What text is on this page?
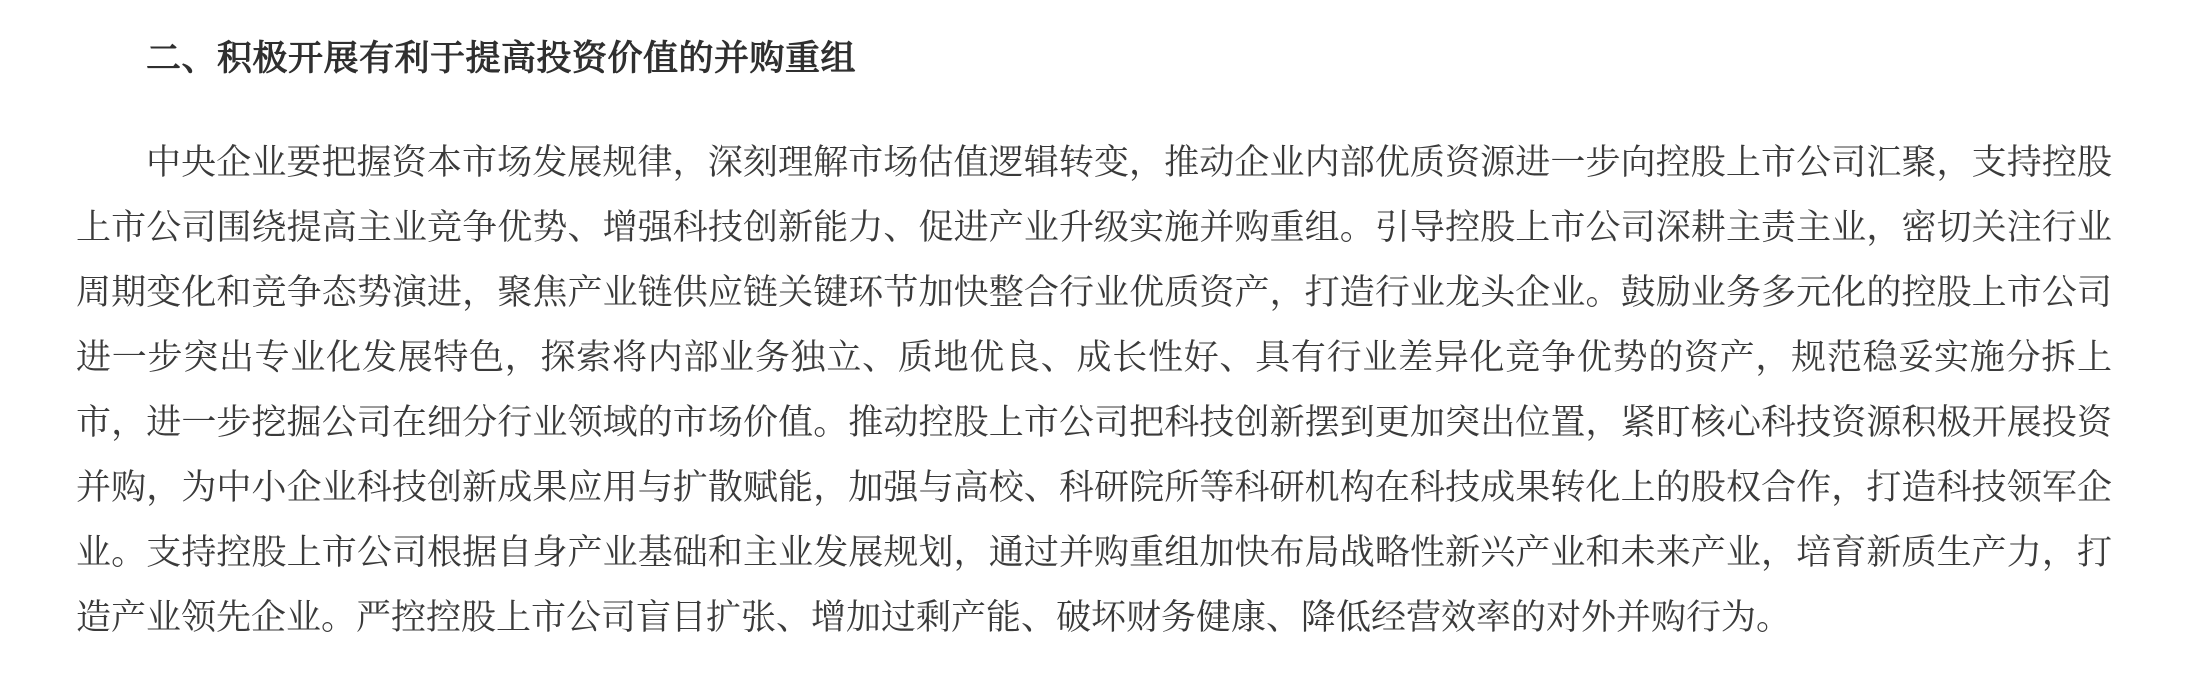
二、积极开展有利于提高投资价值的并购重组

中央企业要把握资本市场发展规律，深刻理解市场估值逻辑转变，推动企业内部优质资源进一步向控股上市公司汇聚，支持控股上市公司围绕提高主业竞争优势、增强科技创新能力、促进产业升级实施并购重组。引导控股上市公司深耕主责主业，密切关注行业周期变化和竞争态势演进，聚焦产业链供应链关键环节加快整合行业优质资产，打造行业龙头企业。鼓励业务多元化的控股上市公司进一步突出专业化发展特色，探索将内部业务独立、质地优良、成长性好、具有行业差异化竞争优势的资产，规范稳妥实施分拆上市，进一步挖掘公司在细分行业领域的市场价值。推动控股上市公司把科技创新摆到更加突出位置，紧盯核心科技资源积极开展投资并购，为中小企业科技创新成果应用与扩散赋能，加强与高校、科研院所等科研机构在科技成果转化上的股权合作，打造科技领军企业。支持控股上市公司根据自身产业基础和主业发展规划，通过并购重组加快布局战略性新兴产业和未来产业，培育新质生产力，打造产业领先企业。严控控股上市公司盲目扩张、增加过剩产能、破坏财务健康、降低经营效率的对外并购行为。
